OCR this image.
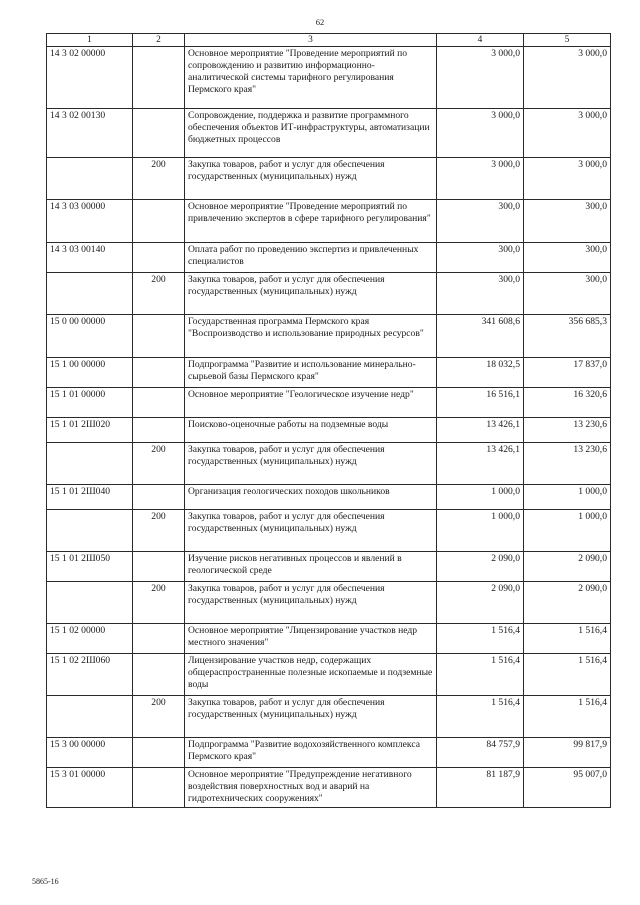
62
1	2	3	4	5
14 3 02 00000		Основное мероприятие "Проведение мероприятий по сопровождению и развитию информационно-аналитической системы тарифного регулирования Пермского края"	3 000,0	3 000,0
14 3 02 00130		Сопровождение, поддержка и развитие программного обеспечения объектов ИТ-инфраструктуры, автоматизации бюджетных процессов	3 000,0	3 000,0
	200	Закупка товаров, работ и услуг для обеспечения государственных (муниципальных) нужд	3 000,0	3 000,0
14 3 03 00000		Основное мероприятие "Проведение мероприятий по привлечению экспертов в сфере тарифного регулирования"	300,0	300,0
14 3 03 00140		Оплата работ по проведению экспертиз и привлеченных специалистов	300,0	300,0
	200	Закупка товаров, работ и услуг для обеспечения государственных (муниципальных) нужд	300,0	300,0
15 0 00 00000		Государственная программа Пермского края "Воспроизводство и использование природных ресурсов"	341 608,6	356 685,3
15 1 00 00000		Подпрограмма "Развитие и использование минерально-сырьевой базы Пермского края"	18 032,5	17 837,0
15 1 01 00000		Основное мероприятие "Геологическое изучение недр"	16 516,1	16 320,6
15 1 01 2Ш020		Поисково-оценочные работы на подземные воды	13 426,1	13 230,6
	200	Закупка товаров, работ и услуг для обеспечения государственных (муниципальных) нужд	13 426,1	13 230,6
15 1 01 2Ш040		Организация геологических походов школьников	1 000,0	1 000,0
	200	Закупка товаров, работ и услуг для обеспечения государственных (муниципальных) нужд	1 000,0	1 000,0
15 1 01 2Ш050		Изучение рисков негативных процессов и явлений в геологической среде	2 090,0	2 090,0
	200	Закупка товаров, работ и услуг для обеспечения государственных (муниципальных) нужд	2 090,0	2 090,0
15 1 02 00000		Основное мероприятие "Лицензирование участков недр местного значения"	1 516,4	1 516,4
15 1 02 2Ш060		Лицензирование участков недр, содержащих общераспространенные полезные ископаемые и подземные воды	1 516,4	1 516,4
	200	Закупка товаров, работ и услуг для обеспечения государственных (муниципальных) нужд	1 516,4	1 516,4
15 3 00 00000		Подпрограмма "Развитие водохозяйственного комплекса Пермского края"	84 757,9	99 817,9
15 3 01 00000		Основное мероприятие "Предупреждение негативного воздействия поверхностных вод и аварий на гидротехнических сооружениях"	81 187,9	95 007,0
5865-16
